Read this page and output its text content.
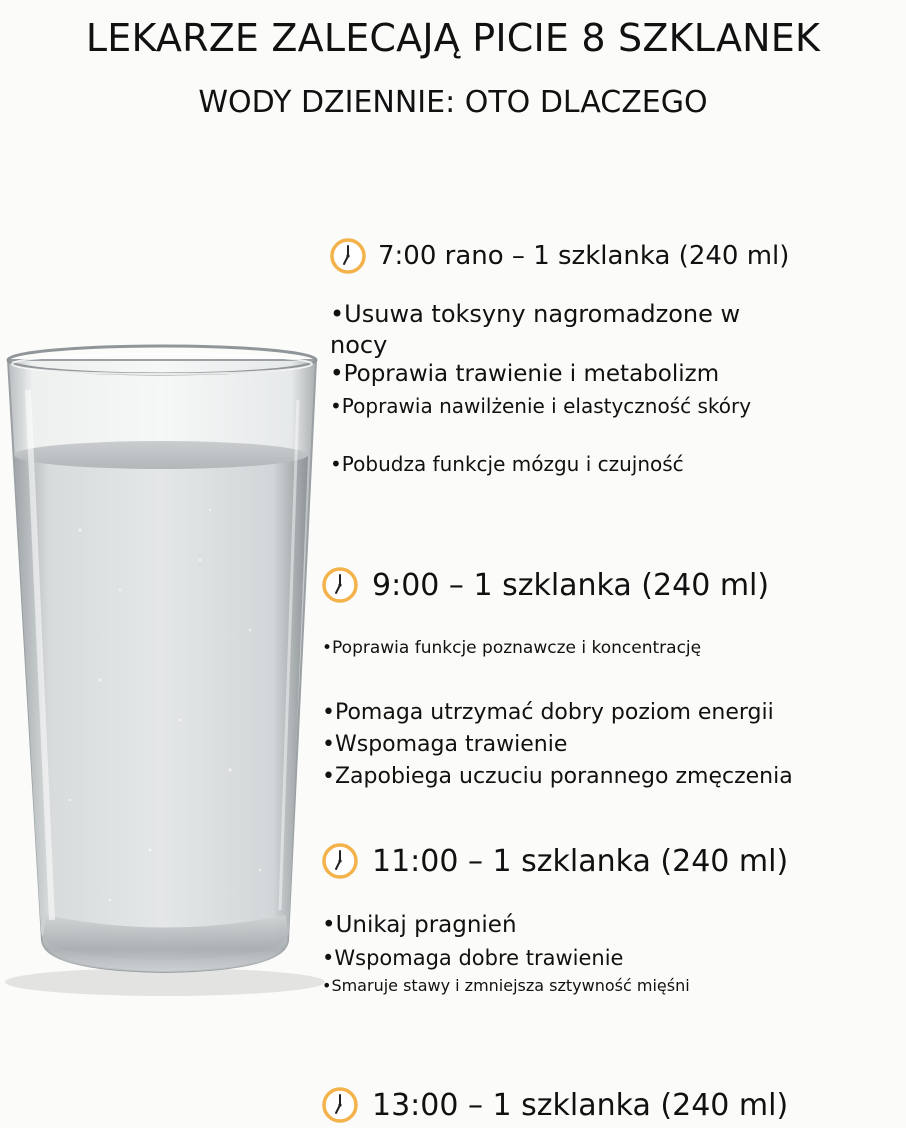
LEKARZE ZALECAJĄ PICIE 8 SZKLANEK
WODY DZIENNIE: OTO DLACZEGO
7:00 rano – 1 szklanka (240 ml)
•Usuwa toksyny nagromadzone w
nocy
•Poprawia trawienie i metabolizm
•Poprawia nawilżenie i elastyczność skóry
•Pobudza funkcje mózgu i czujność
9:00 – 1 szklanka (240 ml)
•Poprawia funkcje poznawcze i koncentrację
•Pomaga utrzymać dobry poziom energii
•Wspomaga trawienie
•Zapobiega uczuciu porannego zmęczenia
11:00 – 1 szklanka (240 ml)
•Unikaj pragnień
•Wspomaga dobre trawienie
•Smaruje stawy i zmniejsza sztywność mięśni
13:00 – 1 szklanka (240 ml)
